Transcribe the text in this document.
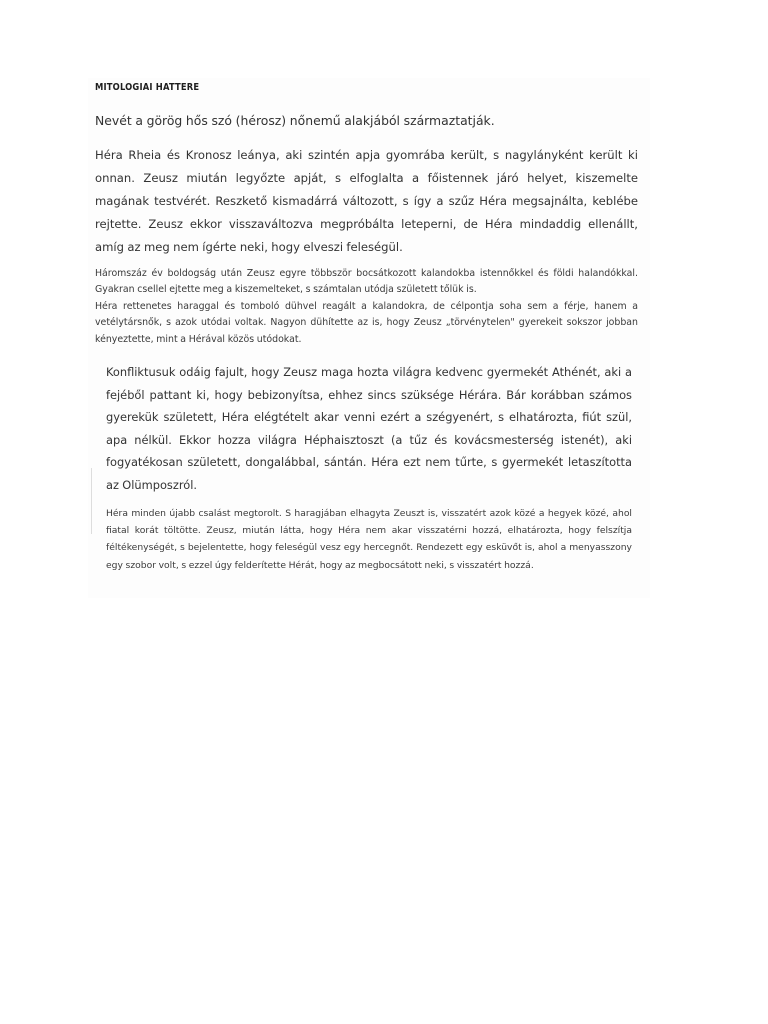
MITOLOGIAI HATTERE

Nevét a görög hős szó (hérosz) nőnemű alakjából származtatják.

Héra Rheia és Kronosz leánya, aki szintén apja gyomrába került, s nagylányként került ki onnan. Zeusz miután legyőzte apját, s elfoglalta a főistennek járó helyet, kiszemelte magának testvérét. Reszkető kismadárrá változott, s így a szűz Héra megsajnálta, keblébe rejtette. Zeusz ekkor visszaváltozva megpróbálta leteperni, de Héra mindaddig ellenállt, amíg az meg nem ígérte neki, hogy elveszi feleségül.

Háromszáz év boldogság után Zeusz egyre többször bocsátkozott kalandokba istennőkkel és földi halandókkal. Gyakran csellel ejtette meg a kiszemelteket, s számtalan utódja született tőlük is.
Héra rettenetes haraggal és tomboló dühvel reagált a kalandokra, de célpontja soha sem a férje, hanem a vetélytársnők, s azok utódai voltak. Nagyon dühítette az is, hogy Zeusz „törvénytelen" gyerekeit sokszor jobban kényeztette, mint a Hérával közös utódokat.

Konfliktusuk odáig fajult, hogy Zeusz maga hozta világra kedvenc gyermekét Athénét, aki a fejéből pattant ki, hogy bebizonyítsa, ehhez sincs szüksége Hérára. Bár korábban számos gyerekük született, Héra elégtételt akar venni ezért a szégyenért, s elhatározta, fiút szül, apa nélkül. Ekkor hozza világra Héphaisztoszt (a tűz és kovácsmesterség istenét), aki fogyatékosan született, dongalábbal, sántán. Héra ezt nem tűrte, s gyermekét letaszította az Olümposzról.

Héra minden újabb csalást megtorolt. S haragjában elhagyta Zeuszt is, visszatért azok közé a hegyek közé, ahol fiatal korát töltötte. Zeusz, miután látta, hogy Héra nem akar visszatérni hozzá, elhatározta, hogy felszítja féltékenységét, s bejelentette, hogy feleségül vesz egy hercegnőt. Rendezett egy esküvőt is, ahol a menyasszony egy szobor volt, s ezzel úgy felderítette Hérát, hogy az megbocsátott neki, s visszatért hozzá.
